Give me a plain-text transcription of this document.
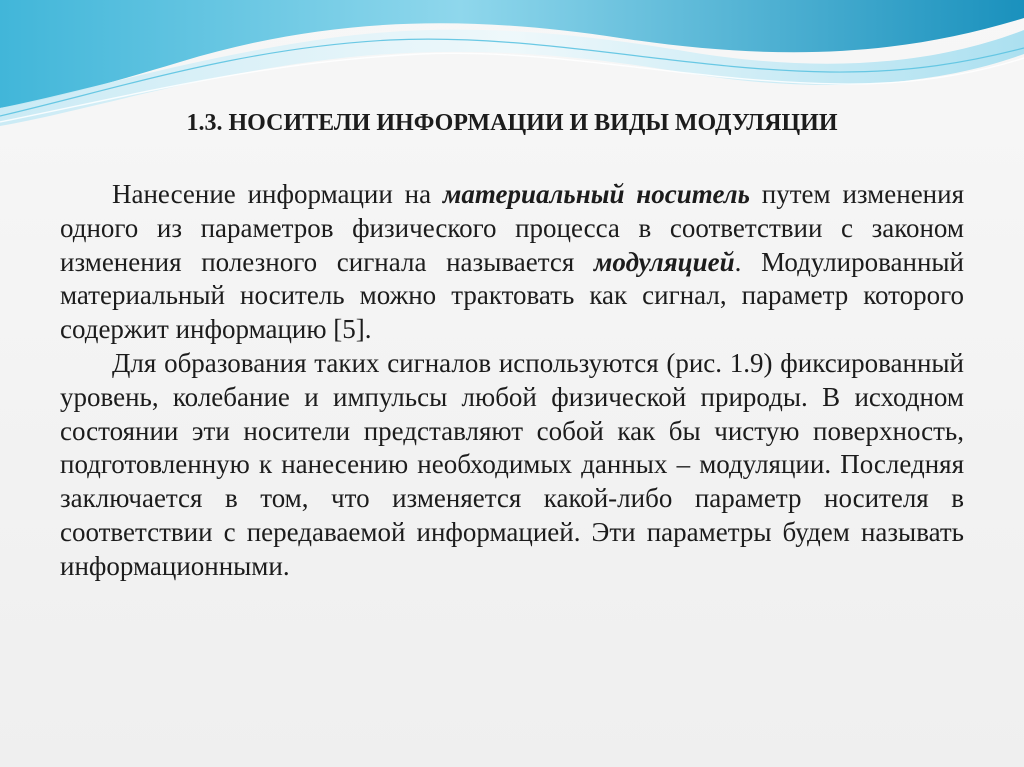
1.3. НОСИТЕЛИ ИНФОРМАЦИИ И ВИДЫ МОДУЛЯЦИИ

Нанесение информации на материальный носитель путем изменения одного из параметров физического процесса в соответствии с законом изменения полезного сигнала называется модуляцией. Модулированный материальный носитель можно трактовать как сигнал, параметр которого содержит информацию [5].

Для образования таких сигналов используются (рис. 1.9) фиксированный уровень, колебание и импульсы любой физической природы. В исходном состоянии эти носители представляют собой как бы чистую поверхность, подготовленную к нанесению необходимых данных – модуляции. Последняя заключается в том, что изменяется какой-либо параметр носителя в соответствии с передаваемой информацией. Эти параметры будем называть информационными.
